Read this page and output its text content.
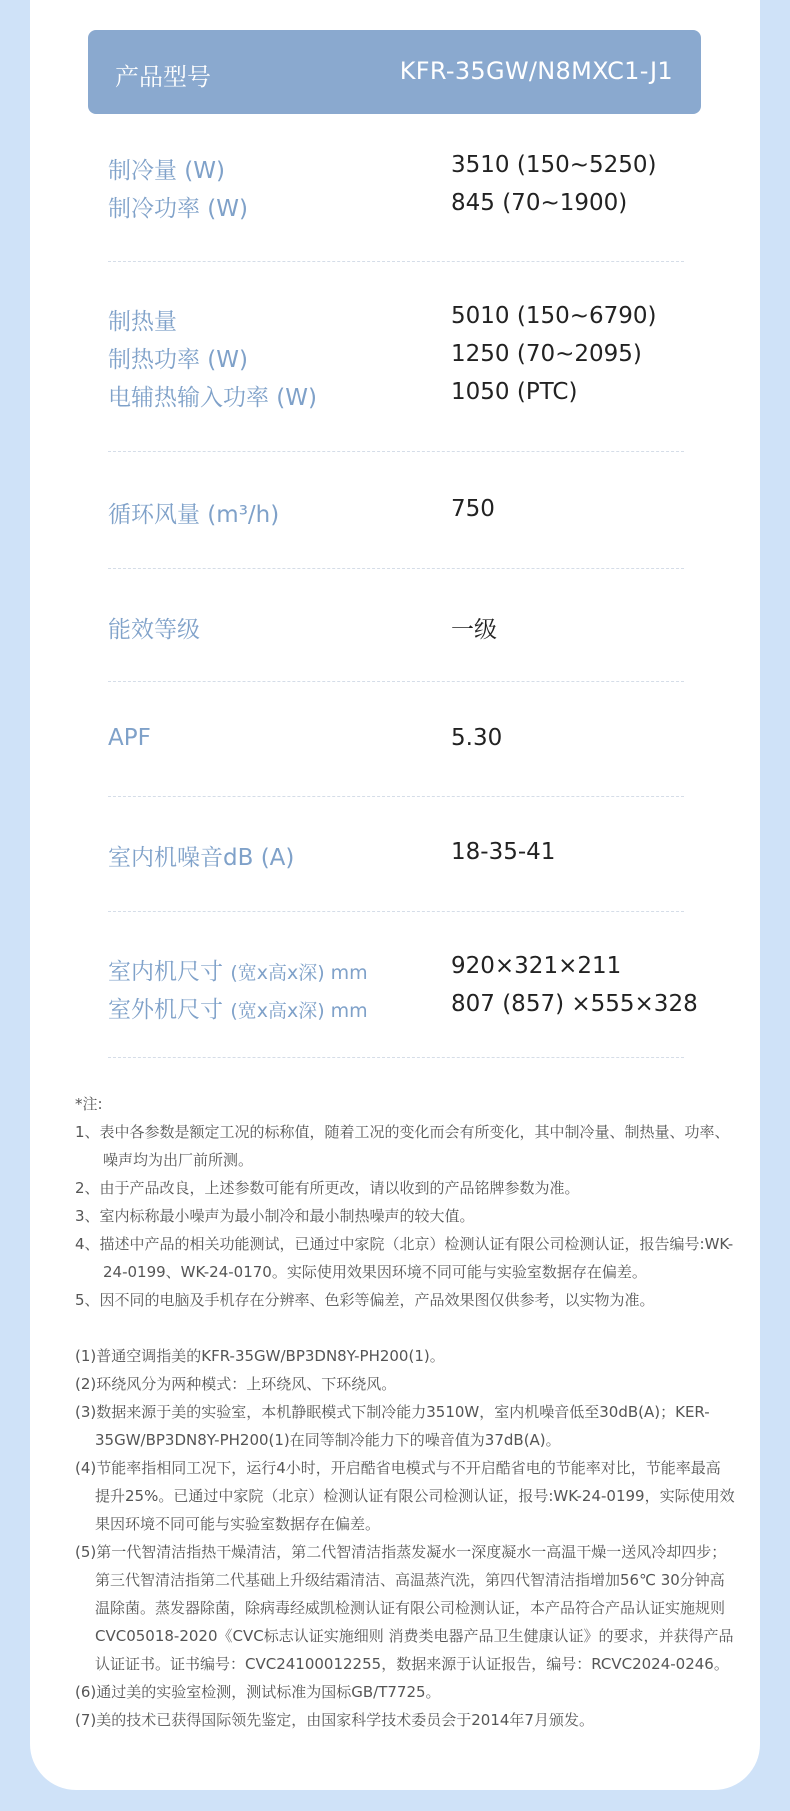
产品型号	KFR-35GW/N8MXC1-J1
制冷量 (W)	3510 (150~5250)
制冷功率 (W)	845 (70~1900)
制热量	5010 (150~6790)
制热功率 (W)	1250 (70~2095)
电辅热输入功率 (W)	1050 (PTC)
循环风量 (m³/h)	750
能效等级	一级
APF	5.30
室内机噪音dB (A)	18-35-41
室内机尺寸 (宽x高x深) mm	920×321×211
室外机尺寸 (宽x高x深) mm	807 (857) ×555×328

*注:

1、表中各参数是额定工况的标称值，随着工况的变化而会有所变化，其中制冷量、制热量、功率、噪声均为出厂前所测。

2、由于产品改良，上述参数可能有所更改，请以收到的产品铭牌参数为准。

3、室内标称最小噪声为最小制冷和最小制热噪声的较大值。

4、描述中产品的相关功能测试，已通过中家院（北京）检测认证有限公司检测认证，报告编号:WK-24-0199、WK-24-0170。实际使用效果因环境不同可能与实验室数据存在偏差。

5、因不同的电脑及手机存在分辨率、色彩等偏差，产品效果图仅供参考，以实物为准。

(1)普通空调指美的KFR-35GW/BP3DN8Y-PH200(1)。

(2)环绕风分为两种模式：上环绕风、下环绕风。

(3)数据来源于美的实验室，本机静眠模式下制冷能力3510W，室内机噪音低至30dB(A)；KER-35GW/BP3DN8Y-PH200(1)在同等制冷能力下的噪音值为37dB(A)。

(4)节能率指相同工况下，运行4小时，开启酷省电模式与不开启酷省电的节能率对比，节能率最高提升25%。已通过中家院（北京）检测认证有限公司检测认证，报号:WK-24-0199，实际使用效果因环境不同可能与实验室数据存在偏差。

(5)第一代智清洁指热干燥清洁，第二代智清洁指蒸发凝水一深度凝水一高温干燥一送风冷却四步；第三代智清洁指第二代基础上升级结霜清洁、高温蒸汽洗，第四代智清洁指增加56℃ 30分钟高温除菌。蒸发器除菌，除病毒经威凯检测认证有限公司检测认证，本产品符合产品认证实施规则CVC05018-2020《CVC标志认证实施细则 消费类电器产品卫生健康认证》的要求，并获得产品认证证书。证书编号：CVC24100012255，数据来源于认证报告，编号：RCVC2024-0246。

(6)通过美的实验室检测，测试标准为国标GB/T7725。

(7)美的技术已获得国际领先鉴定，由国家科学技术委员会于2014年7月颁发。
